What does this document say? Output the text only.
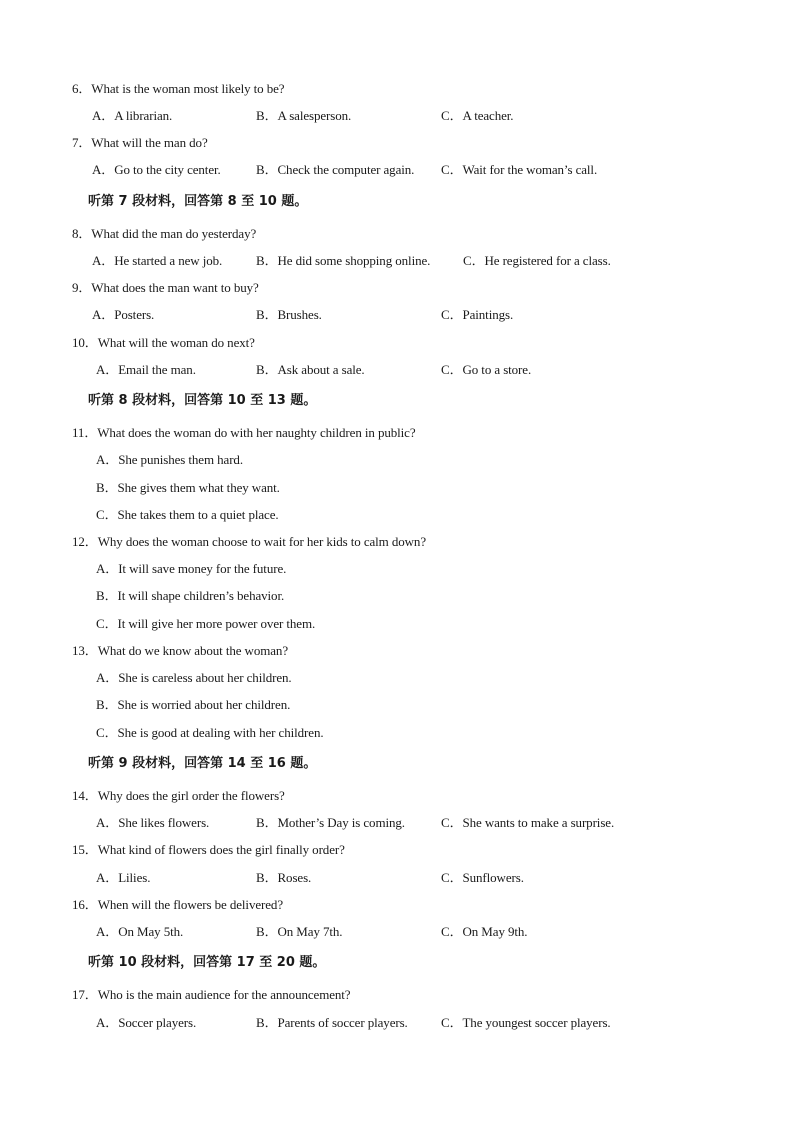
6．What is the woman most likely to be?
A．A librarian.	B．A salesperson.	C．A teacher.
7．What will the man do?
A．Go to the city center.	B．Check the computer again. C．Wait for the woman’s call.
听第 7 段材料，回答第 8 至 10 题。
8．What did the man do yesterday?
A．He started a new job.	B．He did some shopping online.	C．He registered for a class.
9．What does the man want to buy?
A．Posters.	B．Brushes.	C．Paintings.
10．What will the woman do next?
A．Email the man.	B．Ask about a sale.	C．Go to a store.
听第 8 段材料，回答第 10 至 13 题。
11．What does the woman do with her naughty children in public?
A．She punishes them hard.
B．She gives them what they want.
C．She takes them to a quiet place.
12．Why does the woman choose to wait for her kids to calm down?
A．It will save money for the future.
B．It will shape children’s behavior.
C．It will give her more power over them.
13．What do we know about the woman?
A．She is careless about her children.
B．She is worried about her children.
C．She is good at dealing with her children.
听第 9 段材料，回答第 14 至 16 题。
14．Why does the girl order the flowers?
A．She likes flowers.	B．Mother’s Day is coming.	C．She wants to make a surprise.
15．What kind of flowers does the girl finally order?
A．Lilies.	B．Roses.	C．Sunflowers.
16．When will the flowers be delivered?
A．On May 5th.	B．On May 7th.	C．On May 9th.
听第 10 段材料，回答第 17 至 20 题。
17．Who is the main audience for the announcement?
A．Soccer players.	B．Parents of soccer players.	C．The youngest soccer players.
